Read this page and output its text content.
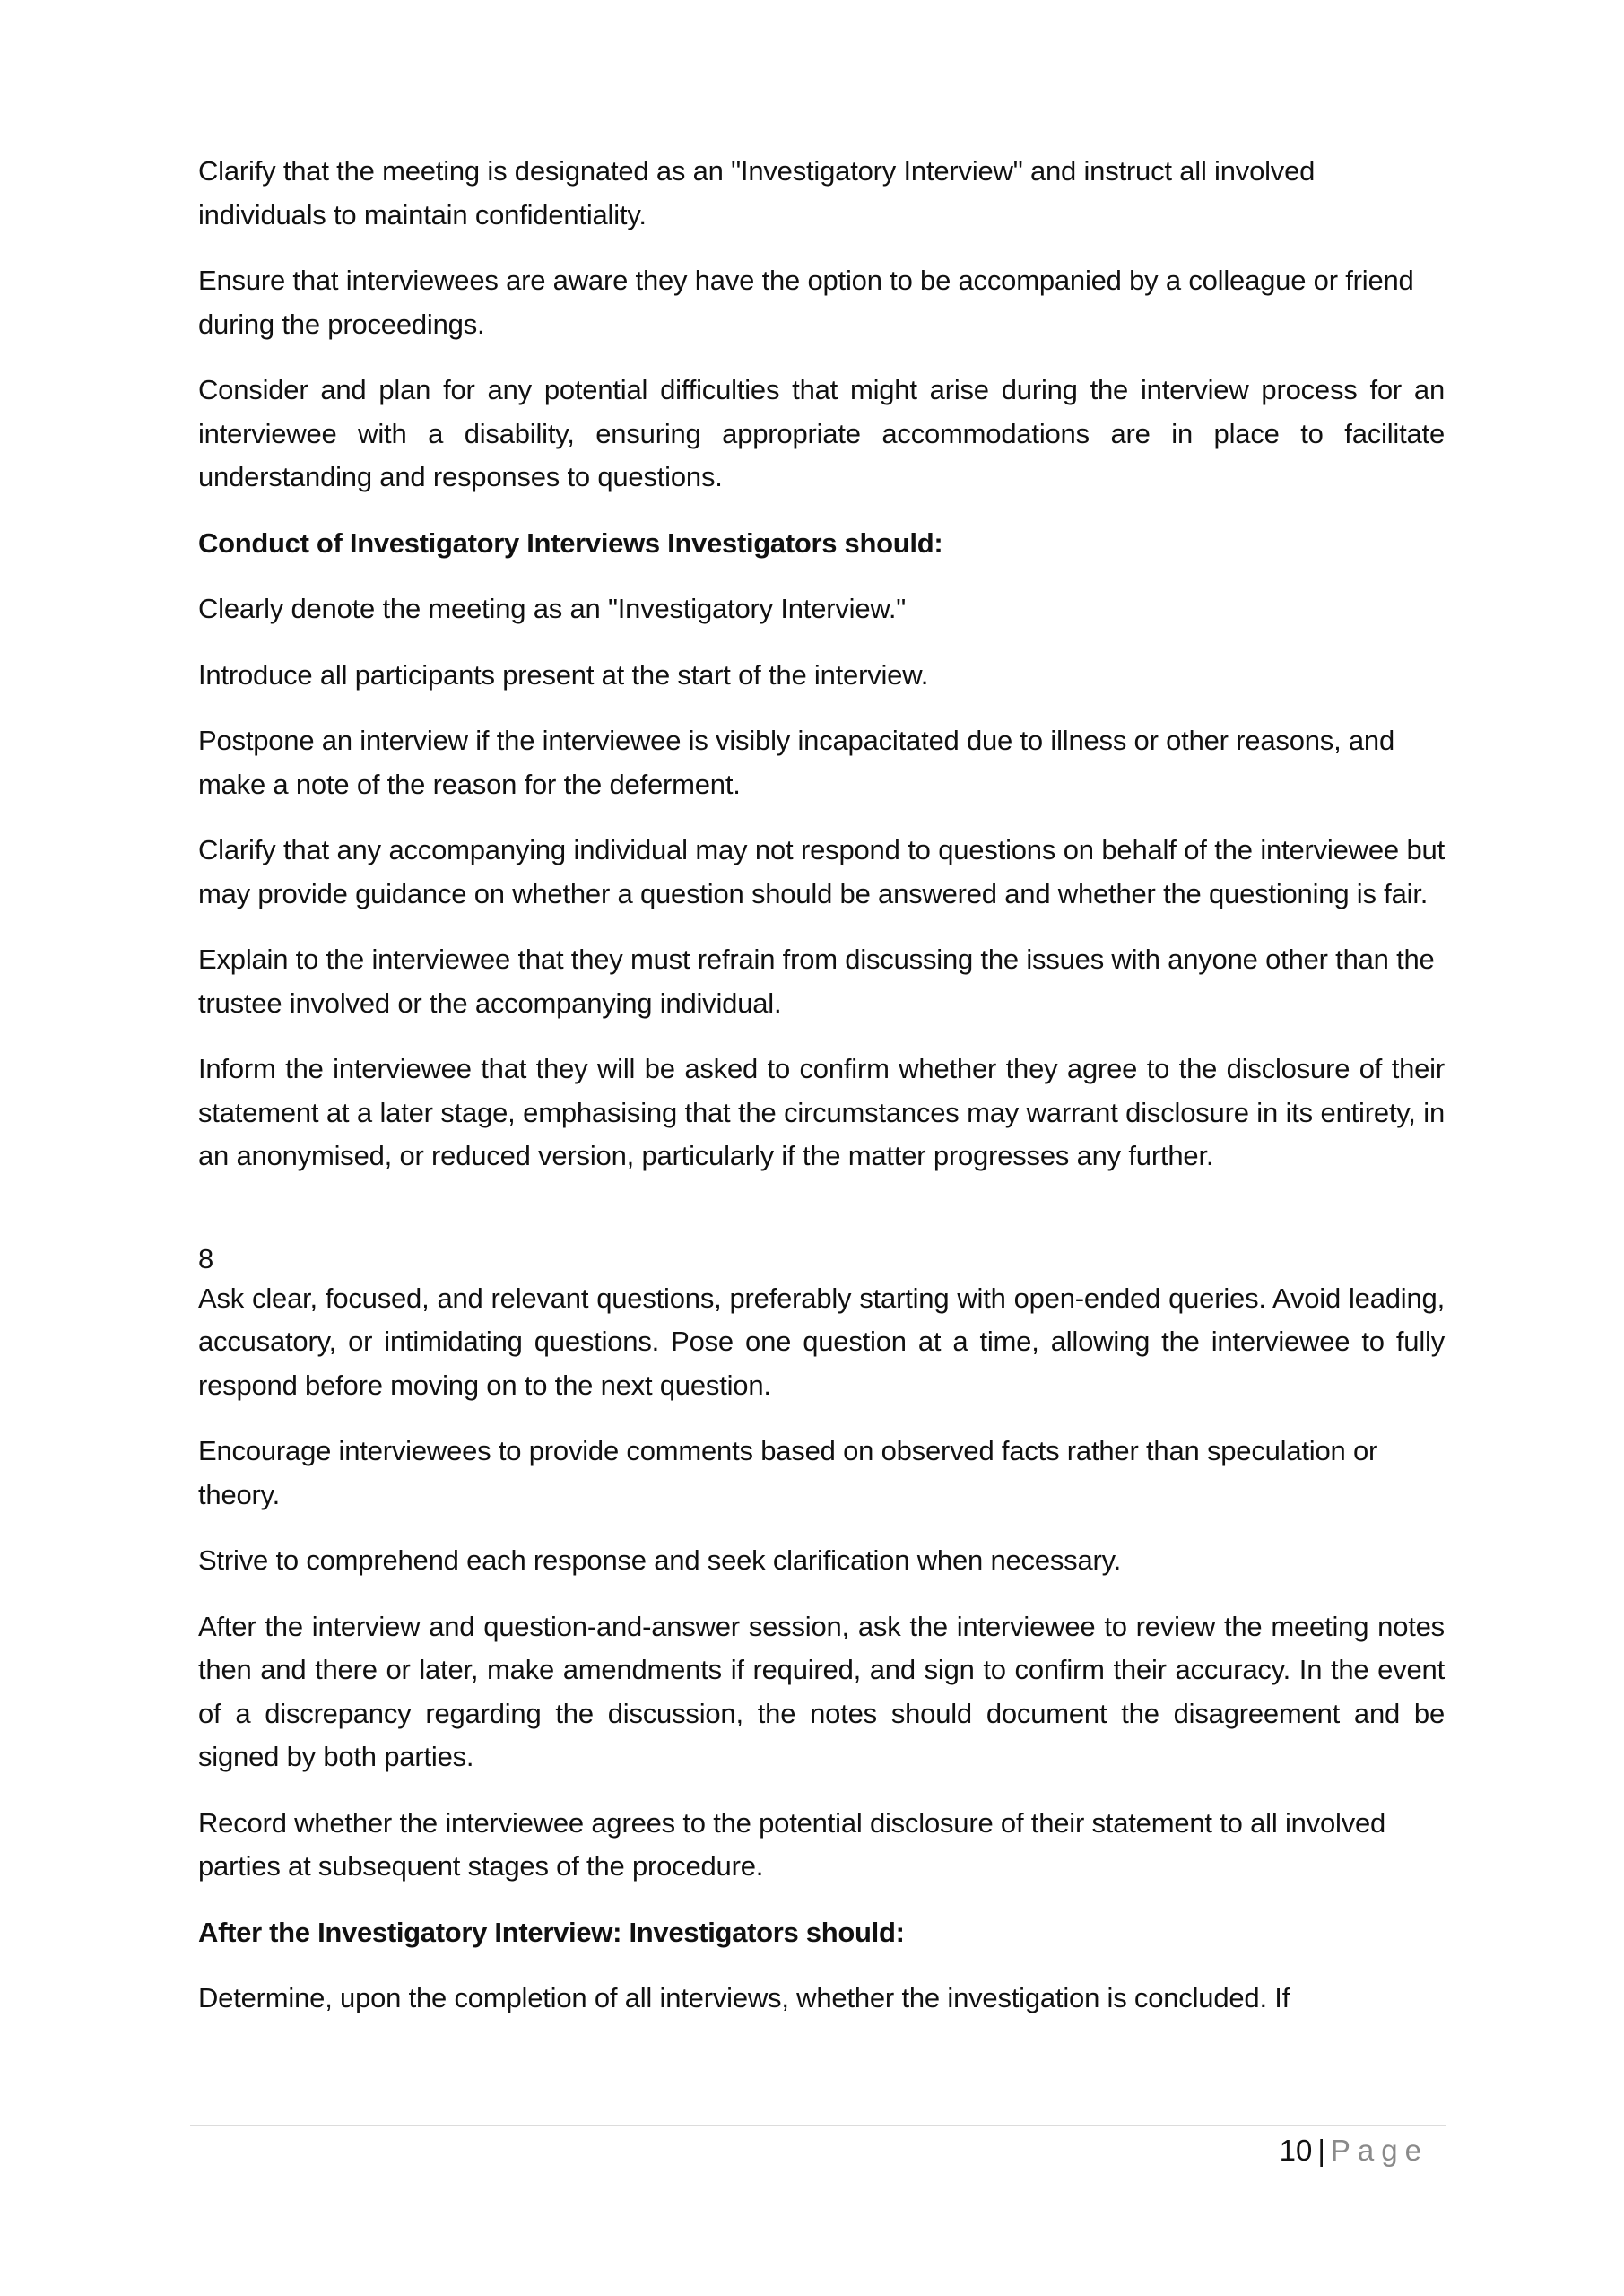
Clarify that the meeting is designated as an "Investigatory Interview" and instruct all involved individuals to maintain confidentiality.

Ensure that interviewees are aware they have the option to be accompanied by a colleague or friend during the proceedings.

Consider and plan for any potential difficulties that might arise during the interview process for an interviewee with a disability, ensuring appropriate accommodations are in place to facilitate understanding and responses to questions.

Conduct of Investigatory Interviews Investigators should:

Clearly denote the meeting as an "Investigatory Interview."

Introduce all participants present at the start of the interview.

Postpone an interview if the interviewee is visibly incapacitated due to illness or other reasons, and make a note of the reason for the deferment.

Clarify that any accompanying individual may not respond to questions on behalf of the interviewee but may provide guidance on whether a question should be answered and whether the questioning is fair.

Explain to the interviewee that they must refrain from discussing the issues with anyone other than the trustee involved or the accompanying individual.

Inform the interviewee that they will be asked to confirm whether they agree to the disclosure of their statement at a later stage, emphasising that the circumstances may warrant disclosure in its entirety, in an anonymised, or reduced version, particularly if the matter progresses any further.

8

Ask clear, focused, and relevant questions, preferably starting with open-ended queries. Avoid leading, accusatory, or intimidating questions. Pose one question at a time, allowing the interviewee to fully respond before moving on to the next question.

Encourage interviewees to provide comments based on observed facts rather than speculation or theory.

Strive to comprehend each response and seek clarification when necessary.

After the interview and question-and-answer session, ask the interviewee to review the meeting notes then and there or later, make amendments if required, and sign to confirm their accuracy. In the event of a discrepancy regarding the discussion, the notes should document the disagreement and be signed by both parties.

Record whether the interviewee agrees to the potential disclosure of their statement to all involved parties at subsequent stages of the procedure.

After the Investigatory Interview: Investigators should:

Determine, upon the completion of all interviews, whether the investigation is concluded. If

10 | Page
